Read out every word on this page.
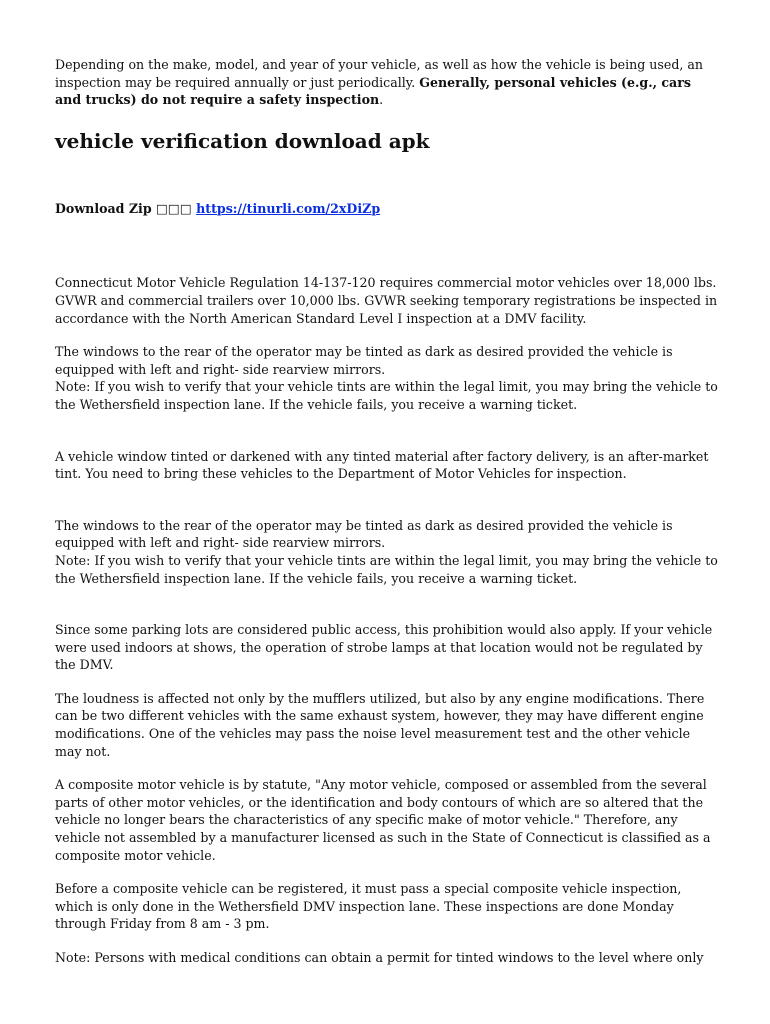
Depending on the make, model, and year of your vehicle, as well as how the vehicle is being used, an inspection may be required annually or just periodically. Generally, personal vehicles (e.g., cars and trucks) do not require a safety inspection.

vehicle verification download apk

Download Zip □□□ https://tinurli.com/2xDiZp

Connecticut Motor Vehicle Regulation 14-137-120 requires commercial motor vehicles over 18,000 lbs. GVWR and commercial trailers over 10,000 lbs. GVWR seeking temporary registrations be inspected in accordance with the North American Standard Level I inspection at a DMV facility.

The windows to the rear of the operator may be tinted as dark as desired provided the vehicle is equipped with left and right- side rearview mirrors.

Note: If you wish to verify that your vehicle tints are within the legal limit, you may bring the vehicle to the Wethersfield inspection lane. If the vehicle fails, you receive a warning ticket.

A vehicle window tinted or darkened with any tinted material after factory delivery, is an after-market tint. You need to bring these vehicles to the Department of Motor Vehicles for inspection.

The windows to the rear of the operator may be tinted as dark as desired provided the vehicle is equipped with left and right- side rearview mirrors.

Note: If you wish to verify that your vehicle tints are within the legal limit, you may bring the vehicle to the Wethersfield inspection lane. If the vehicle fails, you receive a warning ticket.

Since some parking lots are considered public access, this prohibition would also apply. If your vehicle were used indoors at shows, the operation of strobe lamps at that location would not be regulated by the DMV.

The loudness is affected not only by the mufflers utilized, but also by any engine modifications. There can be two different vehicles with the same exhaust system, however, they may have different engine modifications. One of the vehicles may pass the noise level measurement test and the other vehicle may not.

A composite motor vehicle is by statute, "Any motor vehicle, composed or assembled from the several parts of other motor vehicles, or the identification and body contours of which are so altered that the vehicle no longer bears the characteristics of any specific make of motor vehicle." Therefore, any vehicle not assembled by a manufacturer licensed as such in the State of Connecticut is classified as a composite motor vehicle.

Before a composite vehicle can be registered, it must pass a special composite vehicle inspection, which is only done in the Wethersfield DMV inspection lane. These inspections are done Monday through Friday from 8 am - 3 pm.

Note: Persons with medical conditions can obtain a permit for tinted windows to the level where only
